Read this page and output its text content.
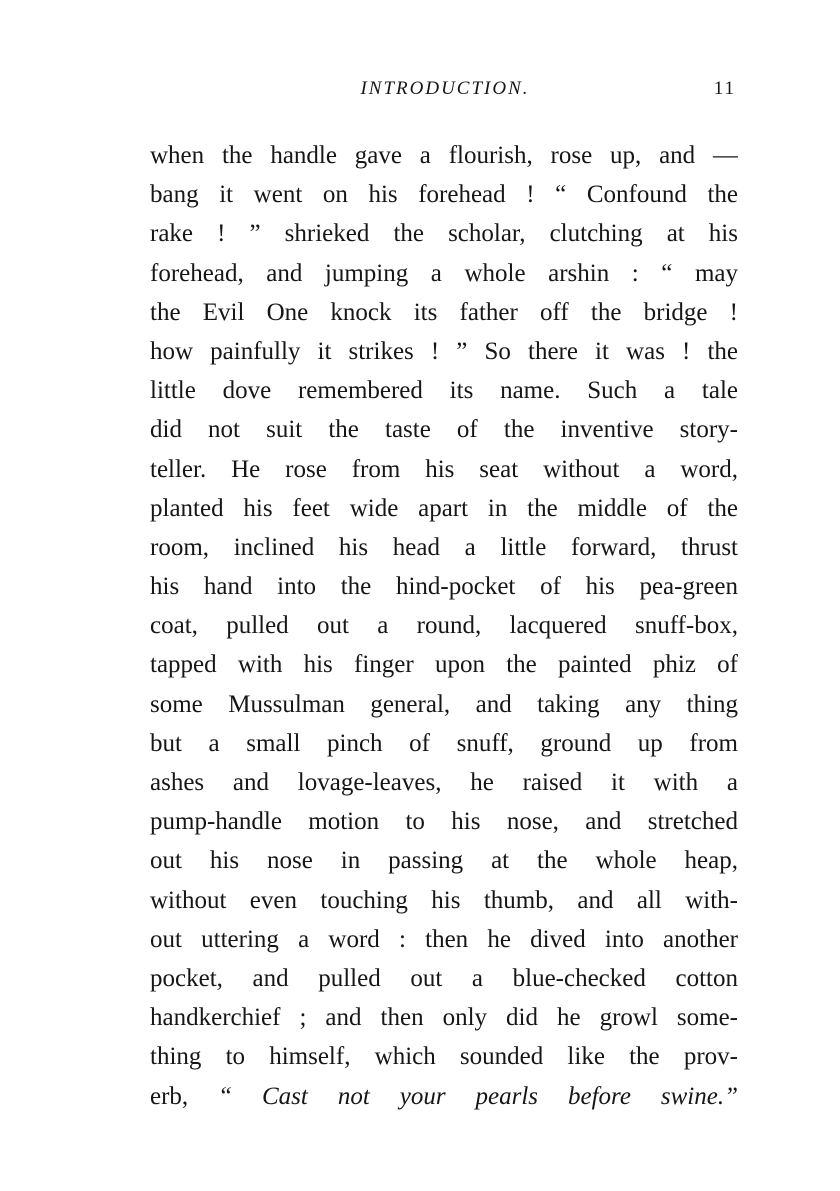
INTRODUCTION.	11
when the handle gave a flourish, rose up, and —
bang it went on his forehead ! “ Confound the
rake ! ” shrieked the scholar, clutching at his
forehead, and jumping a whole arshin : “ may
the Evil One knock its father off the bridge !
how painfully it strikes ! ” So there it was ! the
little dove remembered its name. Such a tale
did not suit the taste of the inventive story-
teller. He rose from his seat without a word,
planted his feet wide apart in the middle of the
room, inclined his head a little forward, thrust
his hand into the hind-pocket of his pea-green
coat, pulled out a round, lacquered snuff-box,
tapped with his finger upon the painted phiz of
some Mussulman general, and taking any thing
but a small pinch of snuff, ground up from
ashes and lovage-leaves, he raised it with a
pump-handle motion to his nose, and stretched
out his nose in passing at the whole heap,
without even touching his thumb, and all with-
out uttering a word : then he dived into another
pocket, and pulled out a blue-checked cotton
handkerchief ; and then only did he growl some-
thing to himself, which sounded like the prov-
erb, “ Cast not your pearls before swine.”
